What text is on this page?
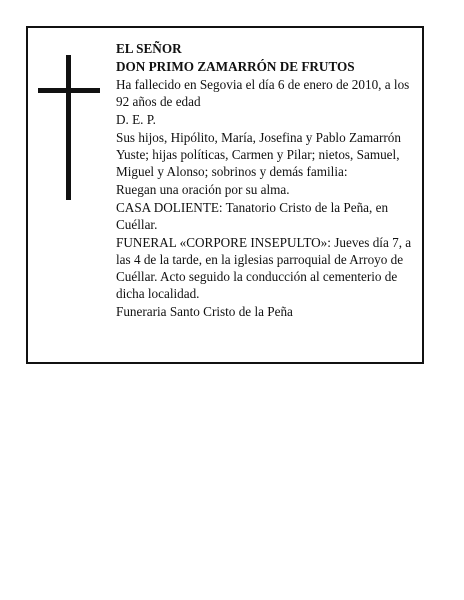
EL SEÑOR

DON PRIMO ZAMARRÓN DE FRUTOS

Ha fallecido en Segovia el día 6 de enero de 2010, a los 92 años de edad

D. E. P.

Sus hijos, Hipólito, María, Josefina y Pablo Zamarrón Yuste; hijas políticas, Carmen y Pilar; nietos, Samuel, Miguel y Alonso; sobrinos y demás familia:

Ruegan una oración por su alma.

CASA DOLIENTE: Tanatorio Cristo de la Peña, en Cuéllar.

FUNERAL «CORPORE INSEPULTO»: Jueves día 7, a las 4 de la tarde, en la iglesias parroquial de Arroyo de Cuéllar. Acto seguido la conducción al cementerio de dicha localidad.

Funeraria Santo Cristo de la Peña
